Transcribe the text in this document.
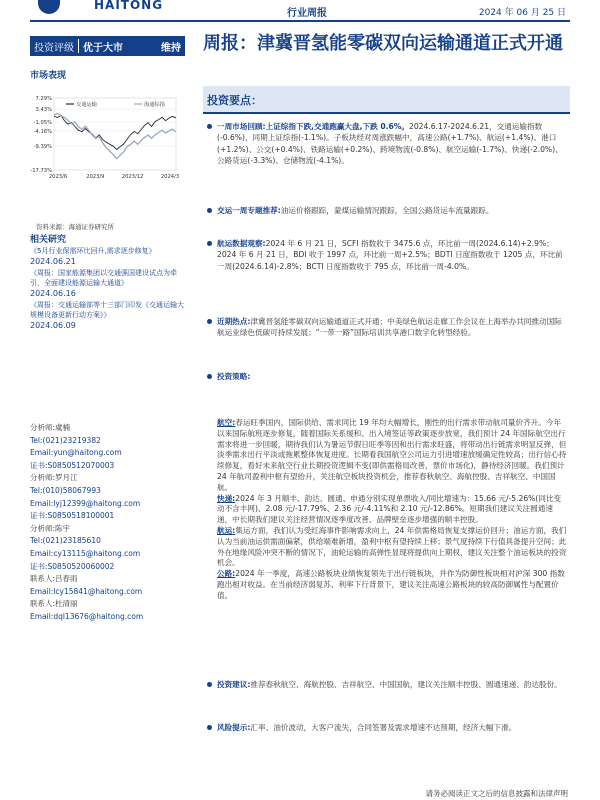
HAITONG
行业周报	2024 年 06 月 25 日
投资评级 优于大市	维持
市场表现
7.29%
-1.05%
-9.39%
-17.73%
3.43%
-4.16%
2023/6	2023/9	2023/12	2024/3
交通运输	海通综指
资料来源：海通证券研究所
相关研究
《5月行业保需环比回升,需求逐步修复》
2024.06.21
《周报：国家能源集团以交通强国建设试点为牵引，全面建设能源运输大通道》
2024.06.16
《周报：交通运输部等十三部门印发《交通运输大规模设备更新行动方案》》
2024.06.09
分析师:虞楠
Tel:(021)23219382
Email:yun@haitong.com
证书:S0850512070003
分析师:罗月江
Tel:(010)58067993
Email:lyj12399@haitong.com
证书:S0850518100001
分析师:陈宇
Tel:(021)23185610
Email:cy13115@haitong.com
证书:S0850520060002
联系人:吕春雨
Email:lcy15841@haitong.com
联系人:杜清丽
Email:dql13676@haitong.com
周报：津冀晋氢能零碳双向运输通道正式开通
投资要点：
一周市场回顾:上证综指下跌,交通跑赢大盘,下跌 0.6%。2024.6.17-2024.6.21，交通运输指数(-0.6%)，同期上证综指(-1.1%)。子板块经对周涨跌幅中，高速公路(+1.7%)、航运(+1.4%)、港口(+1.2%)、公交(+0.4%)、铁路运输(+0.2%)、跨境物流(-0.8%)、航空运输(-1.7%)、快递(-2.0%)、公路货运(-3.3%)、仓储物流(-4.1%)。
交运一周专题推荐:油运价格跟踪，蒙煤运输情况跟踪，全国公路货运车流量跟踪。
航运数据观察:2024 年 6 月 21 日，SCFI 指数收于 3475.6 点，环比前一周(2024.6.14)+2.9%；2024 年 6 月 21 日，BDI 收于 1997 点，环比前一周+2.5%；BDTI 日度指数收于 1205 点，环比前一周(2024.6.14)-2.8%；BCTI 日度指数收于 795 点，环比前一周-4.0%。
近期热点:津冀晋氢能零碳双向运输通道正式开通；中美绿色航运走廊工作会议在上海举办共同推动国际航运业绿色低碳可持续发展；“一带一路”国际培训共享港口数字化转型经验。
投资策略:
投资建议:推荐春秋航空、海航控股、吉祥航空、中国国航，建议关注顺丰控股、圆通速递、韵达股份。
风险提示:汇率、油价波动，大客户流失，合同签署及需求增速不达预期，经济大幅下滑。
航空:春运旺季国内，国际供给、需求同比 19 年均大幅增长，刚性的出行需求带动航司量价齐升。今年以来国际航班逐步修复，随着国际关系缓和、出入境签证等政策逐步放宽，我们预计 24 年国际航空出行需求将进一步回暖，期待我们认为暑运节假日旺季等因和出行需求旺盛，将带动出行链需求明显反弹，但淡季需求出行平淡或拖累整体恢复进度。长期看我国航空公司运力引进增速放缓确定性较高；出行信心持续修复，看好未来航空行业长期投资逻辑不变(即供需格局改善，票价市场化)，静待经济回暖。我们预计 24 年航司盈利中枢有望抬升，关注航空板块投资机会，推荐春秋航空、海航控股、吉祥航空、中国国航。
快递:2024 年 3 月顺丰、韵达、圆通、申通分别实现单票收入/同比增速为：15.66 元/-5.26%(同比变动不含丰网)、2.08 元/-17.79%、2.36 元/-4.11%和 2.10 元/-12.86%。短期我们建议关注圆通速递，中长期我们建议关注经营情况逐季度改善、品牌壁垒逐步增强的顺丰控股。
航运:集运方面，我们认为受红海事件影响需求向上，24 年供需格局恢复支撑运价回升；油运方面，我们认为当前油运供需面偏紧，供给端难新增，盈利中枢有望持续上移；景气度持续下行值具备提升空间；此外在地缘风险冲突不断的情况下，油轮运输的高弹性显现将提供向上期权，建议关注整个油运板块的投资机会。
公路:2024 年一季度，高速公路板块业绩恢复领先于出行链板块，并作为防御性板块相对沪深 300 指数跑出相对收益。在当前经济弱复苏、利率下行背景下，建议关注高速公路板块的较高防御属性与配置价值。
请务必阅读正文之后的信息披露和法律声明
